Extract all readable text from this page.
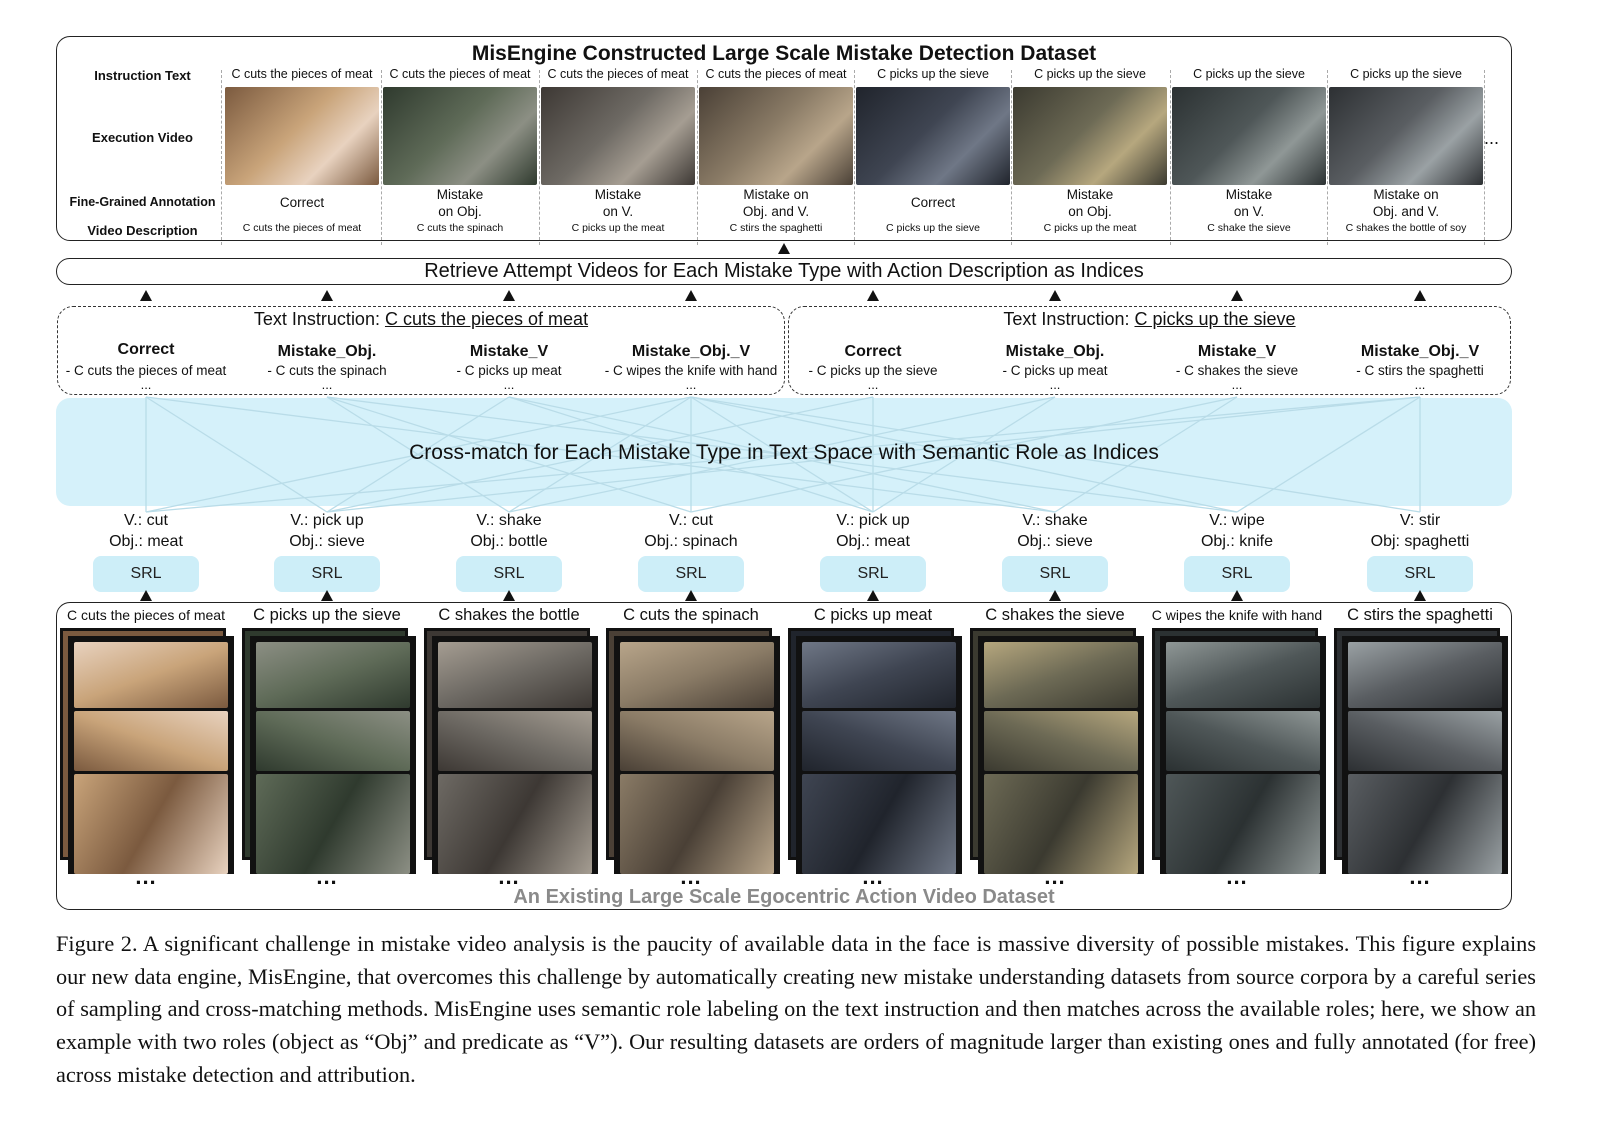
MisEngine Constructed Large Scale Mistake Detection Dataset
Instruction Text
Execution Video
Fine-Grained Annotation
Video Description
C cuts the pieces of meat
Correct
C cuts the pieces of meat
C cuts the pieces of meat
Mistake
on Obj.
C cuts the spinach
C cuts the pieces of meat
Mistake
on V.
C picks up the meat
C cuts the pieces of meat
Mistake on
Obj. and V.
C stirs the spaghetti
C picks up the sieve
Correct
C picks up the sieve
C picks up the sieve
Mistake
on Obj.
C picks up the meat
C picks up the sieve
Mistake
on V.
C shake the sieve
C picks up the sieve
Mistake on
Obj. and V.
C shakes the bottle of soy
...
Retrieve Attempt Videos for Each Mistake Type with Action Description as Indices
Cross-match for Each Mistake Type in Text Space with Semantic Role as Indices
Text Instruction: C cuts the pieces of meat	Text Instruction: C picks up the sieve
Correct
- C cuts the pieces of meat
...
Mistake_Obj.
- C cuts the spinach
...
Mistake_V
- C picks up meat
...
Mistake_Obj._V
- C wipes the knife with hand
...
Correct
- C picks up the sieve
...
Mistake_Obj.
- C picks up meat
...
Mistake_V
- C shakes the sieve
...
Mistake_Obj._V
- C stirs the spaghetti
...
V.: cut
Obj.: meat
SRL
V.: pick up
Obj.: sieve
SRL
V.: shake
Obj.: bottle
SRL
V.: cut
Obj.: spinach
SRL
V.: pick up
Obj.: meat
SRL
V.: shake
Obj.: sieve
SRL
V.: wipe
Obj.: knife
SRL
V: stir
Obj: spaghetti
SRL
C cuts the pieces of meat
...
C picks up the sieve
...
C shakes the bottle
...
C cuts the spinach
...
C picks up meat
...
C shakes the sieve
...
C wipes the knife with hand
...
C stirs the spaghetti
...
An Existing Large Scale Egocentric Action Video Dataset
Figure 2. A significant challenge in mistake video analysis is the paucity of available data in the face is massive diversity of possible mistakes. This figure explains our new data engine, MisEngine, that overcomes this challenge by automatically creating new mistake understanding datasets from source corpora by a careful series of sampling and cross-matching methods. MisEngine uses semantic role labeling on the text instruction and then matches across the available roles; here, we show an example with two roles (object as “Obj” and predicate as “V”). Our resulting datasets are orders of magnitude larger than existing ones and fully annotated (for free) across mistake detection and attribution.
